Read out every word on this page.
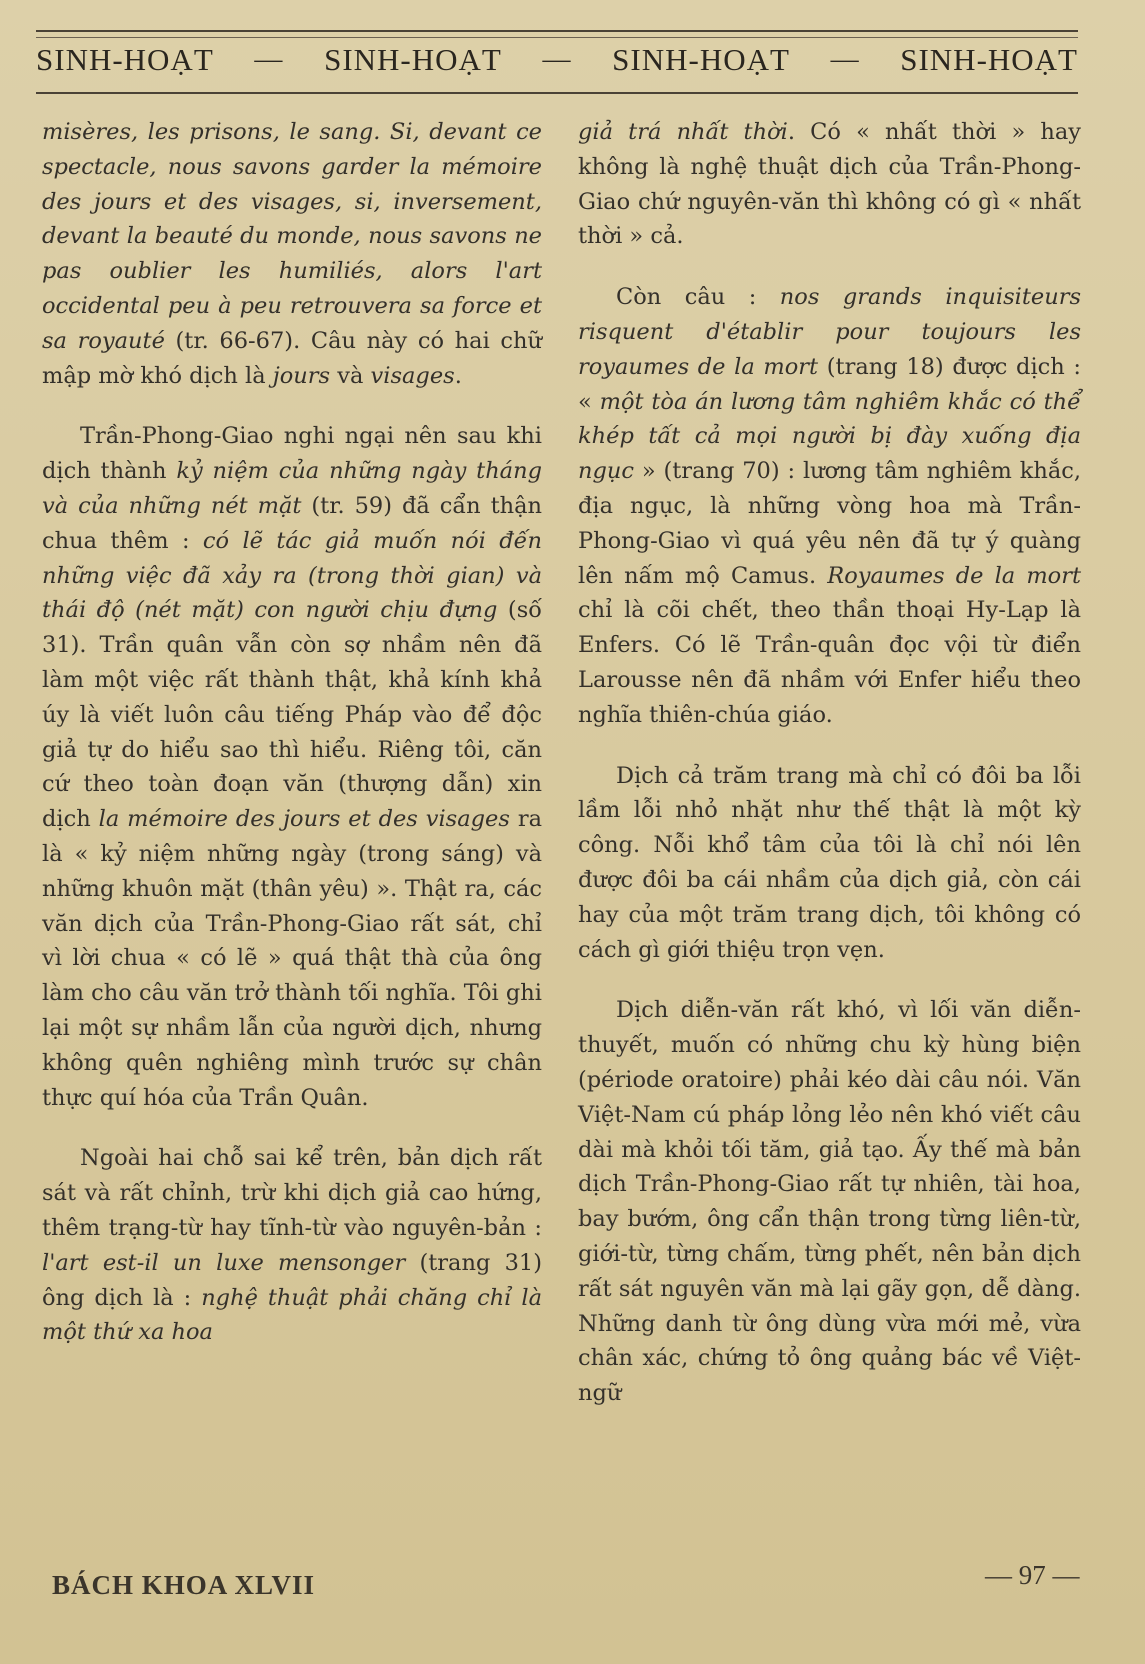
SINH-HOẠT — SINH-HOẠT — SINH-HOẠT — SINH-HOẠT

misères, les prisons, le sang. Si, devant ce spectacle, nous savons garder la mémoire des jours et des visages, si, inversement, devant la beauté du monde, nous savons ne pas oublier les humiliés, alors l'art occidental peu à peu retrouvera sa force et sa royauté (tr. 66-67). Câu này có hai chữ mập mờ khó dịch là jours và visages.

Trần-Phong-Giao nghi ngại nên sau khi dịch thành kỷ niệm của những ngày tháng và của những nét mặt (tr. 59) đã cẩn thận chua thêm : có lẽ tác giả muốn nói đến những việc đã xảy ra (trong thời gian) và thái độ (nét mặt) con người chịu đựng (số 31). Trần quân vẫn còn sợ nhầm nên đã làm một việc rất thành thật, khả kính khả úy là viết luôn câu tiếng Pháp vào để độc giả tự do hiểu sao thì hiểu. Riêng tôi, căn cứ theo toàn đoạn văn (thượng dẫn) xin dịch la mémoire des jours et des visages ra là « kỷ niệm những ngày (trong sáng) và những khuôn mặt (thân yêu) ». Thật ra, các văn dịch của Trần-Phong-Giao rất sát, chỉ vì lời chua « có lẽ » quá thật thà của ông làm cho câu văn trở thành tối nghĩa. Tôi ghi lại một sự nhầm lẫn của người dịch, nhưng không quên nghiêng mình trước sự chân thực quí hóa của Trần Quân.

Ngoài hai chỗ sai kể trên, bản dịch rất sát và rất chỉnh, trừ khi dịch giả cao hứng, thêm trạng-từ hay tĩnh-từ vào nguyên-bản : l'art est-il un luxe mensonger (trang 31) ông dịch là : nghệ thuật phải chăng chỉ là một thứ xa hoa

giả trá nhất thời. Có « nhất thời » hay không là nghệ thuật dịch của Trần-Phong-Giao chứ nguyên-văn thì không có gì « nhất thời » cả.

Còn câu : nos grands inquisiteurs risquent d'établir pour toujours les royaumes de la mort (trang 18) được dịch : « một tòa án lương tâm nghiêm khắc có thể khép tất cả mọi người bị đày xuống địa ngục » (trang 70) : lương tâm nghiêm khắc, địa ngục, là những vòng hoa mà Trần-Phong-Giao vì quá yêu nên đã tự ý quàng lên nấm mộ Camus. Royaumes de la mort chỉ là cõi chết, theo thần thoại Hy-Lạp là Enfers. Có lẽ Trần-quân đọc vội từ điển Larousse nên đã nhầm với Enfer hiểu theo nghĩa thiên-chúa giáo.

Dịch cả trăm trang mà chỉ có đôi ba lỗi lầm lỗi nhỏ nhặt như thế thật là một kỳ công. Nỗi khổ tâm của tôi là chỉ nói lên được đôi ba cái nhầm của dịch giả, còn cái hay của một trăm trang dịch, tôi không có cách gì giới thiệu trọn vẹn.

Dịch diễn-văn rất khó, vì lối văn diễn-thuyết, muốn có những chu kỳ hùng biện (période oratoire) phải kéo dài câu nói. Văn Việt-Nam cú pháp lỏng lẻo nên khó viết câu dài mà khỏi tối tăm, giả tạo. Ấy thế mà bản dịch Trần-Phong-Giao rất tự nhiên, tài hoa, bay bướm, ông cẩn thận trong từng liên-từ, giới-từ, từng chấm, từng phết, nên bản dịch rất sát nguyên văn mà lại gãy gọn, dễ dàng. Những danh từ ông dùng vừa mới mẻ, vừa chân xác, chứng tỏ ông quảng bác về Việt-ngữ

BÁCH KHOA XLVII	— 97 —
